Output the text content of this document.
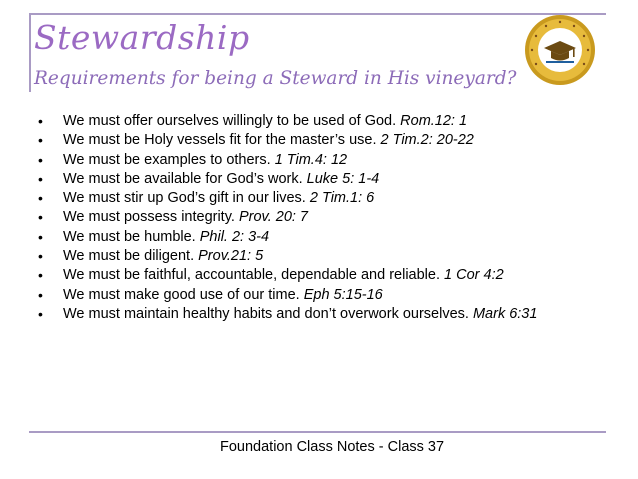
Stewardship
Requirements for being a Steward in His vineyard?
• We must offer ourselves willingly to be used of God. Rom.12: 1
• We must be Holy vessels fit for the master’s use. 2 Tim.2: 20-22
• We must be examples to others. 1 Tim.4: 12
• We must be available for God’s work. Luke 5: 1-4
• We must stir up God’s gift in our lives. 2 Tim.1: 6
• We must possess integrity. Prov. 20: 7
• We must be humble. Phil. 2: 3-4
• We must be diligent. Prov.21: 5
• We must be faithful, accountable, dependable and reliable. 1 Cor 4:2
• We must make good use of our time. Eph 5:15-16
• We must maintain healthy habits and don’t overwork ourselves. Mark 6:31
Foundation Class Notes - Class 37
